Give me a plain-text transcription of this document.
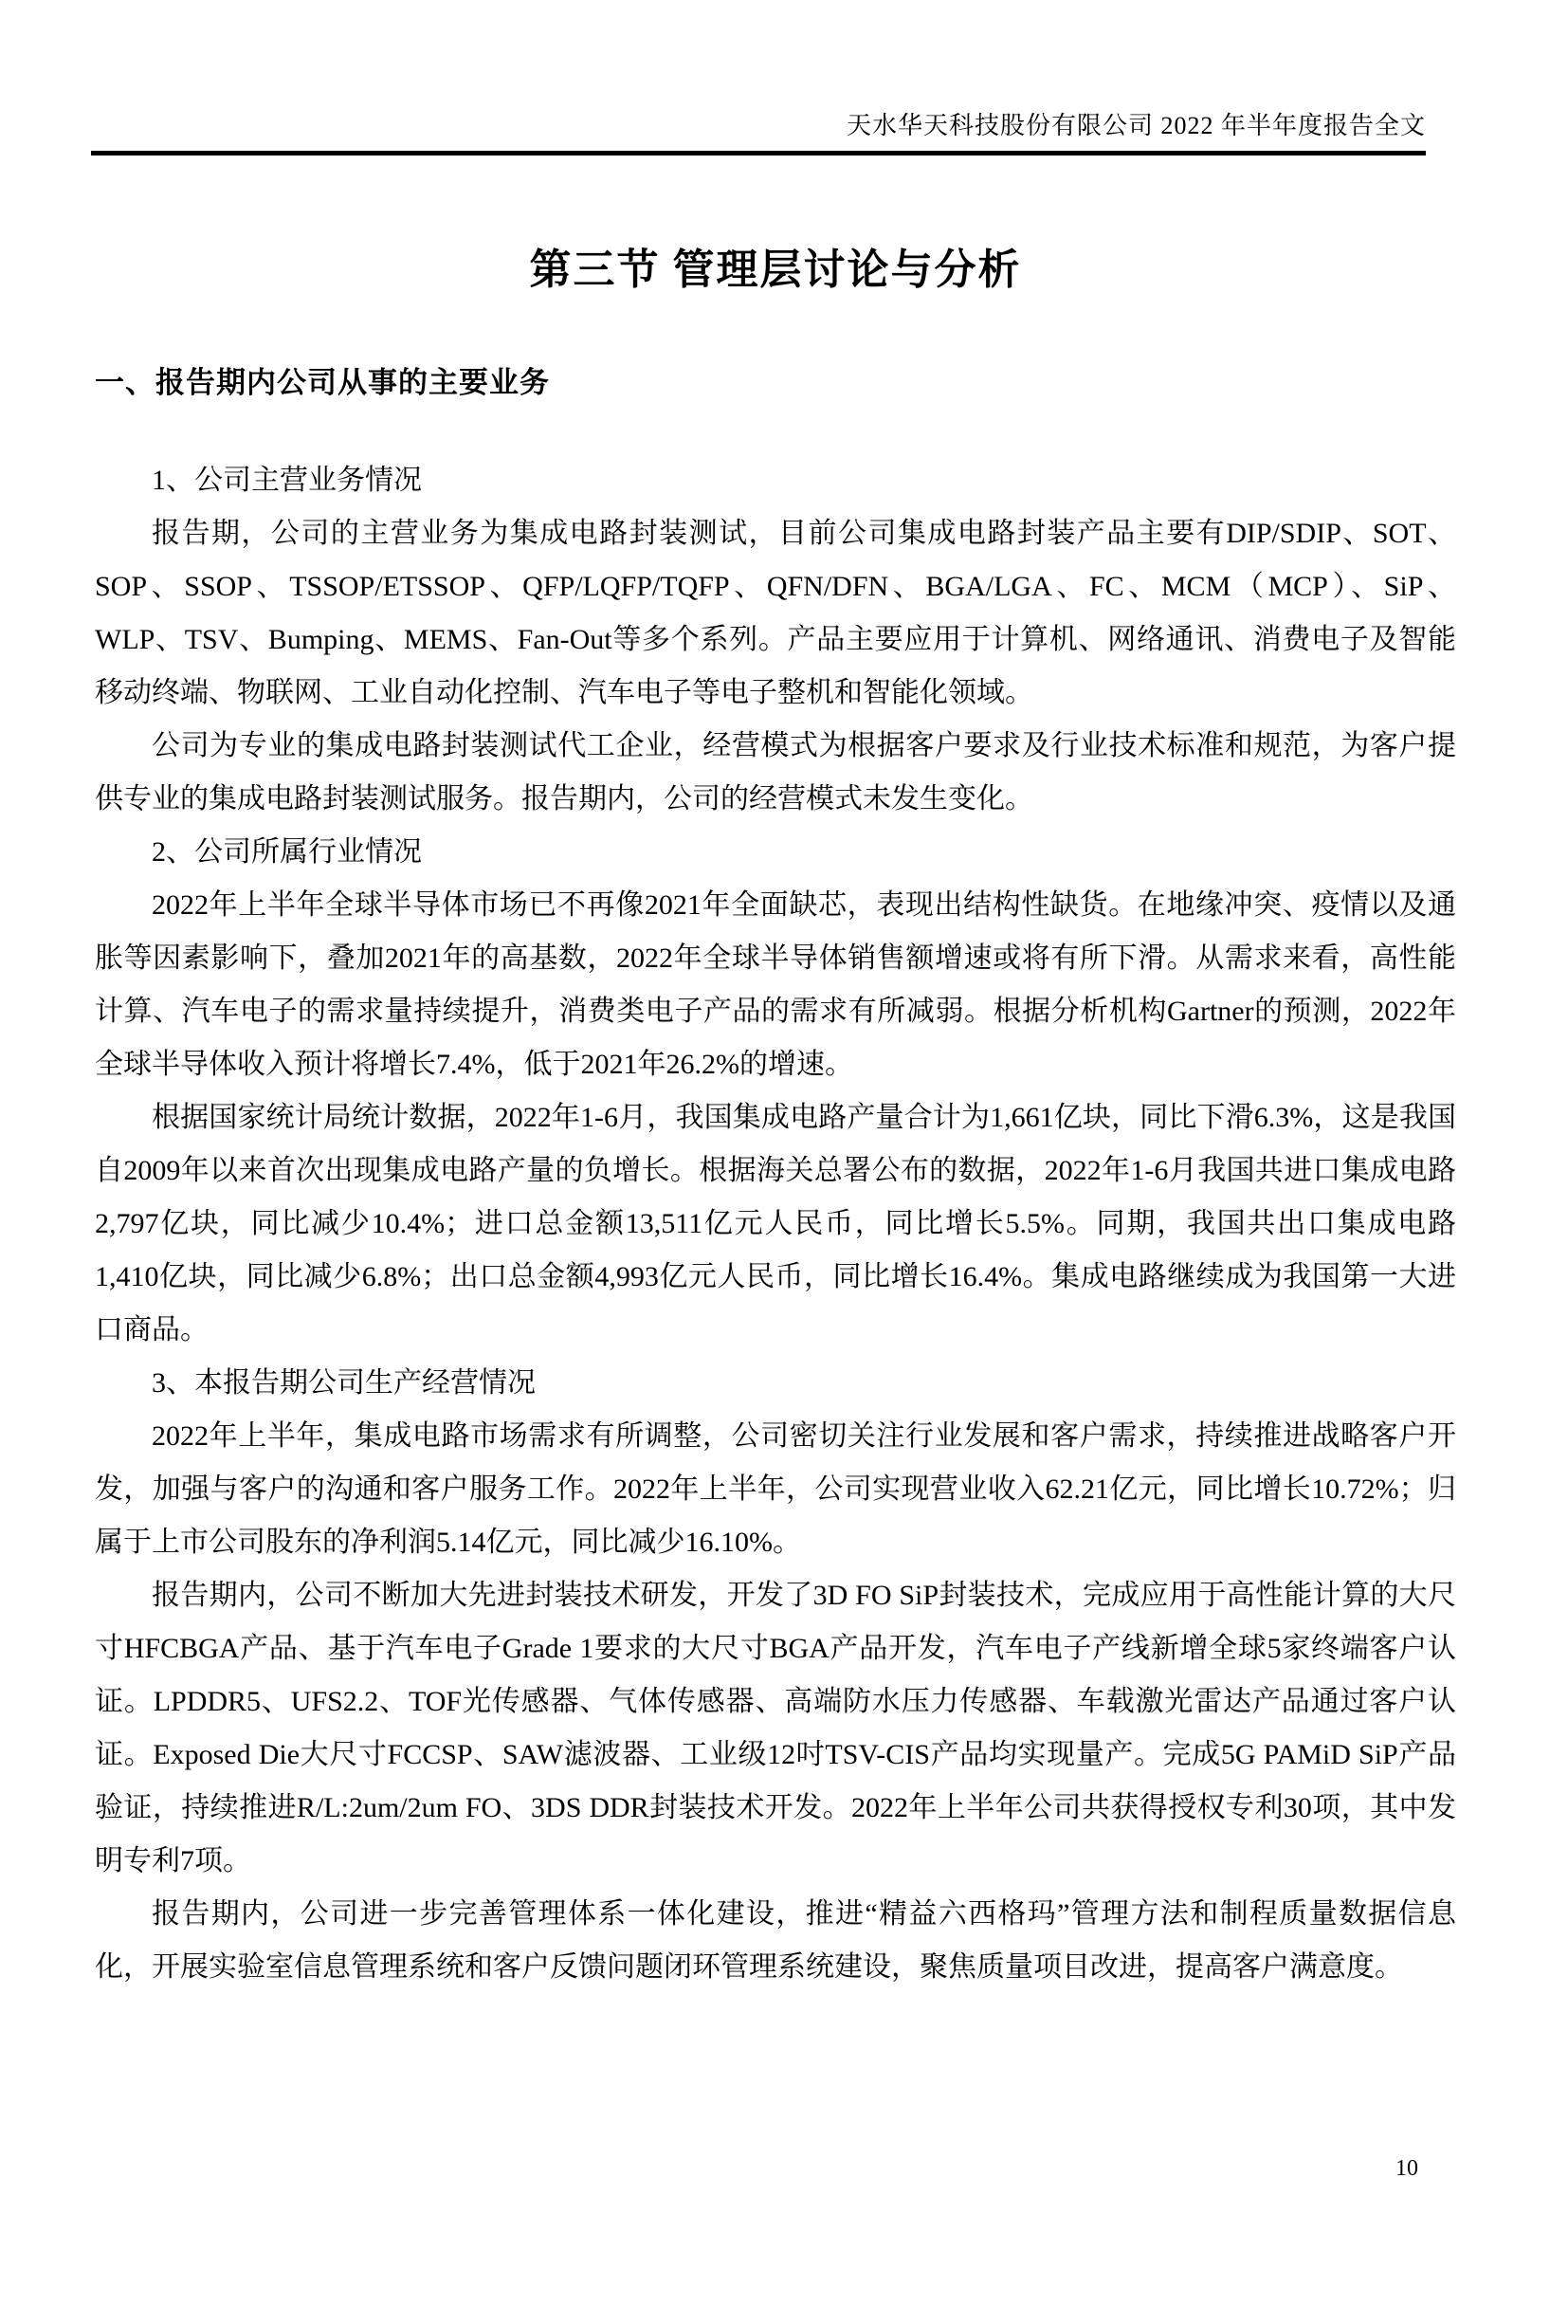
天水华天科技股份有限公司 2022 年半年度报告全文
第三节 管理层讨论与分析
一、报告期内公司从事的主要业务

1、公司主营业务情况

报告期，公司的主营业务为集成电路封装测试，目前公司集成电路封装产品主要有DIP/SDIP、SOT、SOP、SSOP、TSSOP/ETSSOP、QFP/LQFP/TQFP、QFN/DFN、BGA/LGA、FC、MCM（MCP）、SiP、WLP、TSV、Bumping、MEMS、Fan-Out等多个系列。产品主要应用于计算机、网络通讯、消费电子及智能移动终端、物联网、工业自动化控制、汽车电子等电子整机和智能化领域。

公司为专业的集成电路封装测试代工企业，经营模式为根据客户要求及行业技术标准和规范，为客户提供专业的集成电路封装测试服务。报告期内，公司的经营模式未发生变化。

2、公司所属行业情况

2022年上半年全球半导体市场已不再像2021年全面缺芯，表现出结构性缺货。在地缘冲突、疫情以及通胀等因素影响下，叠加2021年的高基数，2022年全球半导体销售额增速或将有所下滑。从需求来看，高性能计算、汽车电子的需求量持续提升，消费类电子产品的需求有所减弱。根据分析机构Gartner的预测，2022年全球半导体收入预计将增长7.4%，低于2021年26.2%的增速。

根据国家统计局统计数据，2022年1-6月，我国集成电路产量合计为1,661亿块，同比下滑6.3%，这是我国自2009年以来首次出现集成电路产量的负增长。根据海关总署公布的数据，2022年1-6月我国共进口集成电路2,797亿块，同比减少10.4%；进口总金额13,511亿元人民币，同比增长5.5%。同期，我国共出口集成电路1,410亿块，同比减少6.8%；出口总金额4,993亿元人民币，同比增长16.4%。集成电路继续成为我国第一大进口商品。

3、本报告期公司生产经营情况

2022年上半年，集成电路市场需求有所调整，公司密切关注行业发展和客户需求，持续推进战略客户开发，加强与客户的沟通和客户服务工作。2022年上半年，公司实现营业收入62.21亿元，同比增长10.72%；归属于上市公司股东的净利润5.14亿元，同比减少16.10%。

报告期内，公司不断加大先进封装技术研发，开发了3D FO SiP封装技术，完成应用于高性能计算的大尺寸HFCBGA产品、基于汽车电子Grade 1要求的大尺寸BGA产品开发，汽车电子产线新增全球5家终端客户认证。LPDDR5、UFS2.2、TOF光传感器、气体传感器、高端防水压力传感器、车载激光雷达产品通过客户认证。Exposed Die大尺寸FCCSP、SAW滤波器、工业级12吋TSV-CIS产品均实现量产。完成5G PAMiD SiP产品验证，持续推进R/L:2um/2um FO、3DS DDR封装技术开发。2022年上半年公司共获得授权专利30项，其中发明专利7项。

报告期内，公司进一步完善管理体系一体化建设，推进“精益六西格玛”管理方法和制程质量数据信息化，开展实验室信息管理系统和客户反馈问题闭环管理系统建设，聚焦质量项目改进，提高客户满意度。

10
